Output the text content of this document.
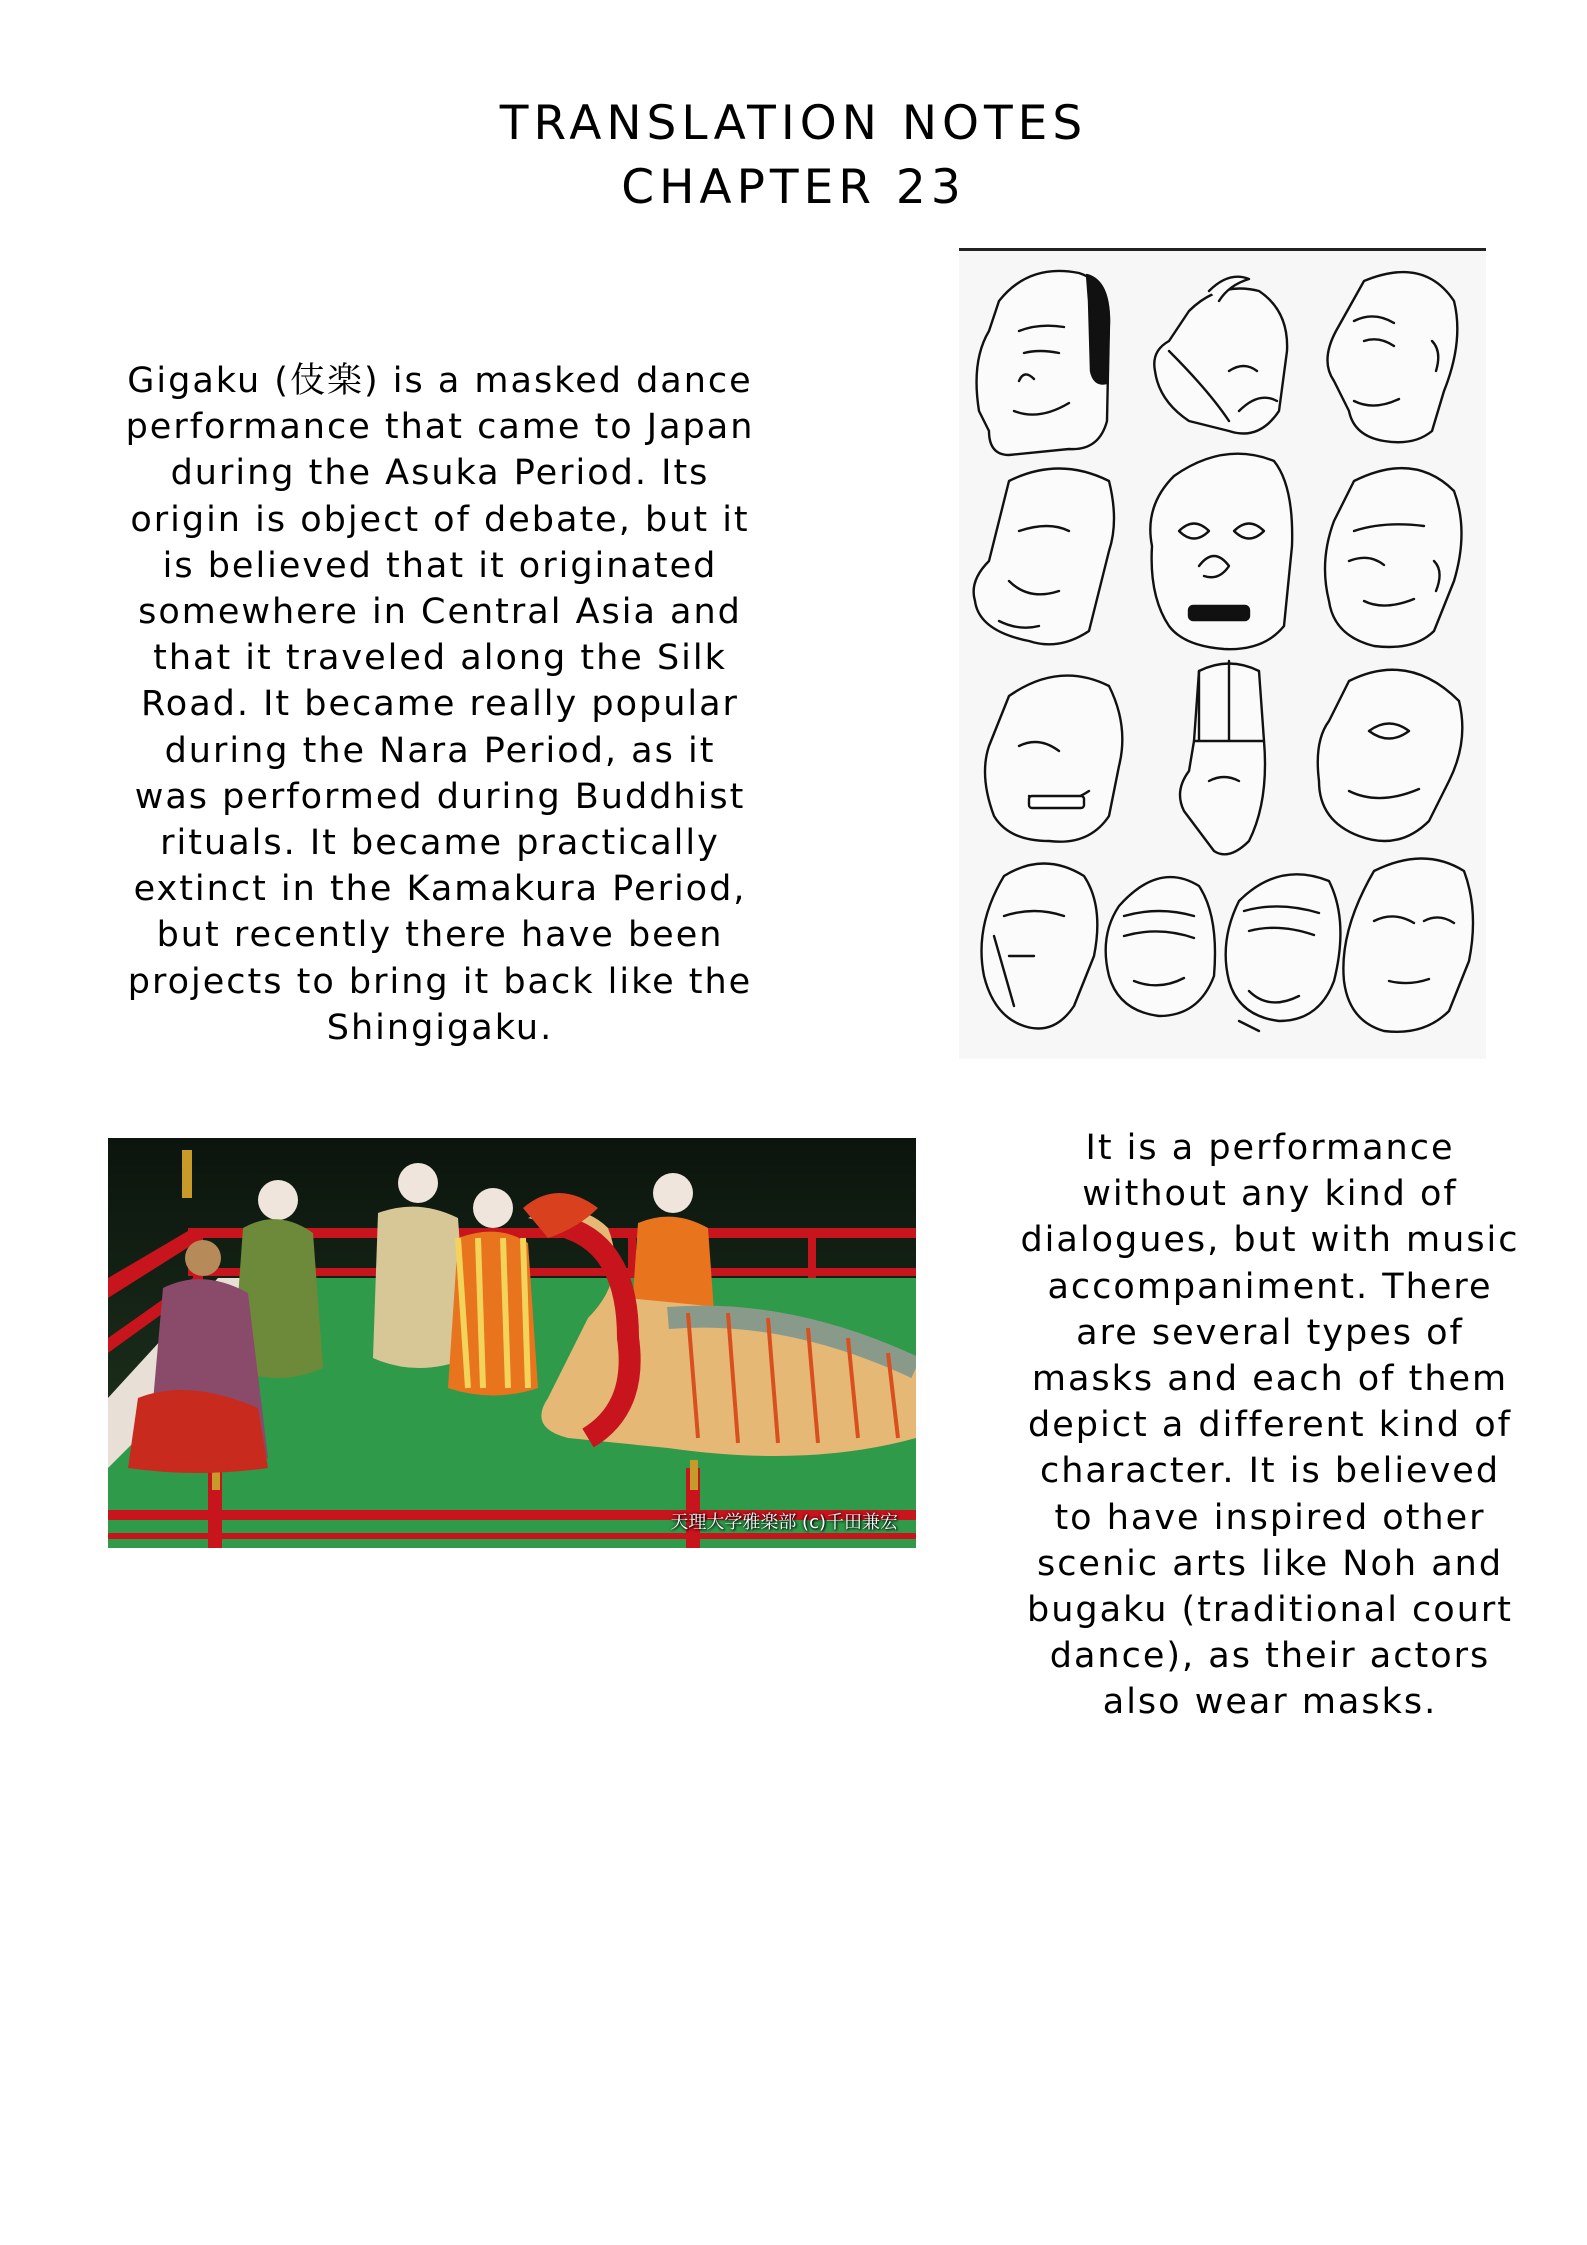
TRANSLATION NOTES
CHAPTER 23
Gigaku (伎楽) is a masked dance
performance that came to Japan
during the Asuka Period. Its
origin is object of debate, but it
is believed that it originated
somewhere in Central Asia and
that it traveled along the Silk
Road. It became really popular
during the Nara Period, as it
was performed during Buddhist
rituals. It became practically
extinct in the Kamakura Period,
but recently there have been
projects to bring it back like the
Shingigaku.
天理大学雅楽部 (c)千田兼宏
It is a performance
without any kind of
dialogues, but with music
accompaniment. There
are several types of
masks and each of them
depict a different kind of
character. It is believed
to have inspired other
scenic arts like Noh and
bugaku (traditional court
dance), as their actors
also wear masks.
